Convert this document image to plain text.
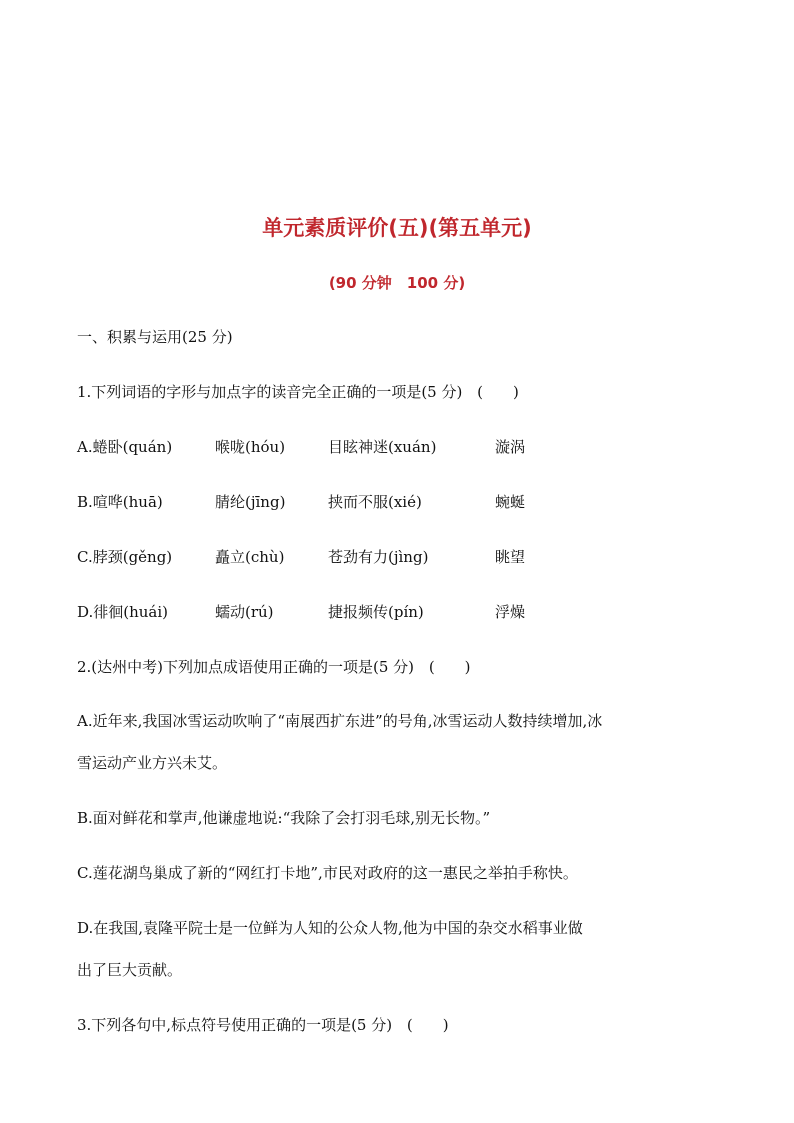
单元素质评价(五)(第五单元)
(90 分钟　100 分)
一、积累与运用(25 分)
1.下列词语的字形与加点字的读音完全正确的一项是(5 分) (　　)
A.蜷卧(quán)	喉咙(hóu)	目眩神迷(xuán)	漩涡
B.喧哗(huā)	腈纶(jīng)	挟而不服(xié)	蜿蜒
C.脖颈(gěng)	矗立(chù)	苍劲有力(jìng)	眺望
D.徘徊(huái)	蠕动(rú)	捷报频传(pín)	浮燥
2.(达州中考)下列加点成语使用正确的一项是(5 分) (　　)
A.近年来,我国冰雪运动吹响了“南展西扩东进”的号角,冰雪运动人数持续增加,冰
雪运动产业方兴未艾。
B.面对鲜花和掌声,他谦虚地说:“我除了会打羽毛球,别无长物。”
C.莲花湖鸟巢成了新的“网红打卡地”,市民对政府的这一惠民之举拍手称快。
D.在我国,袁隆平院士是一位鲜为人知的公众人物,他为中国的杂交水稻事业做
出了巨大贡献。
3.下列各句中,标点符号使用正确的一项是(5 分) (　　)
